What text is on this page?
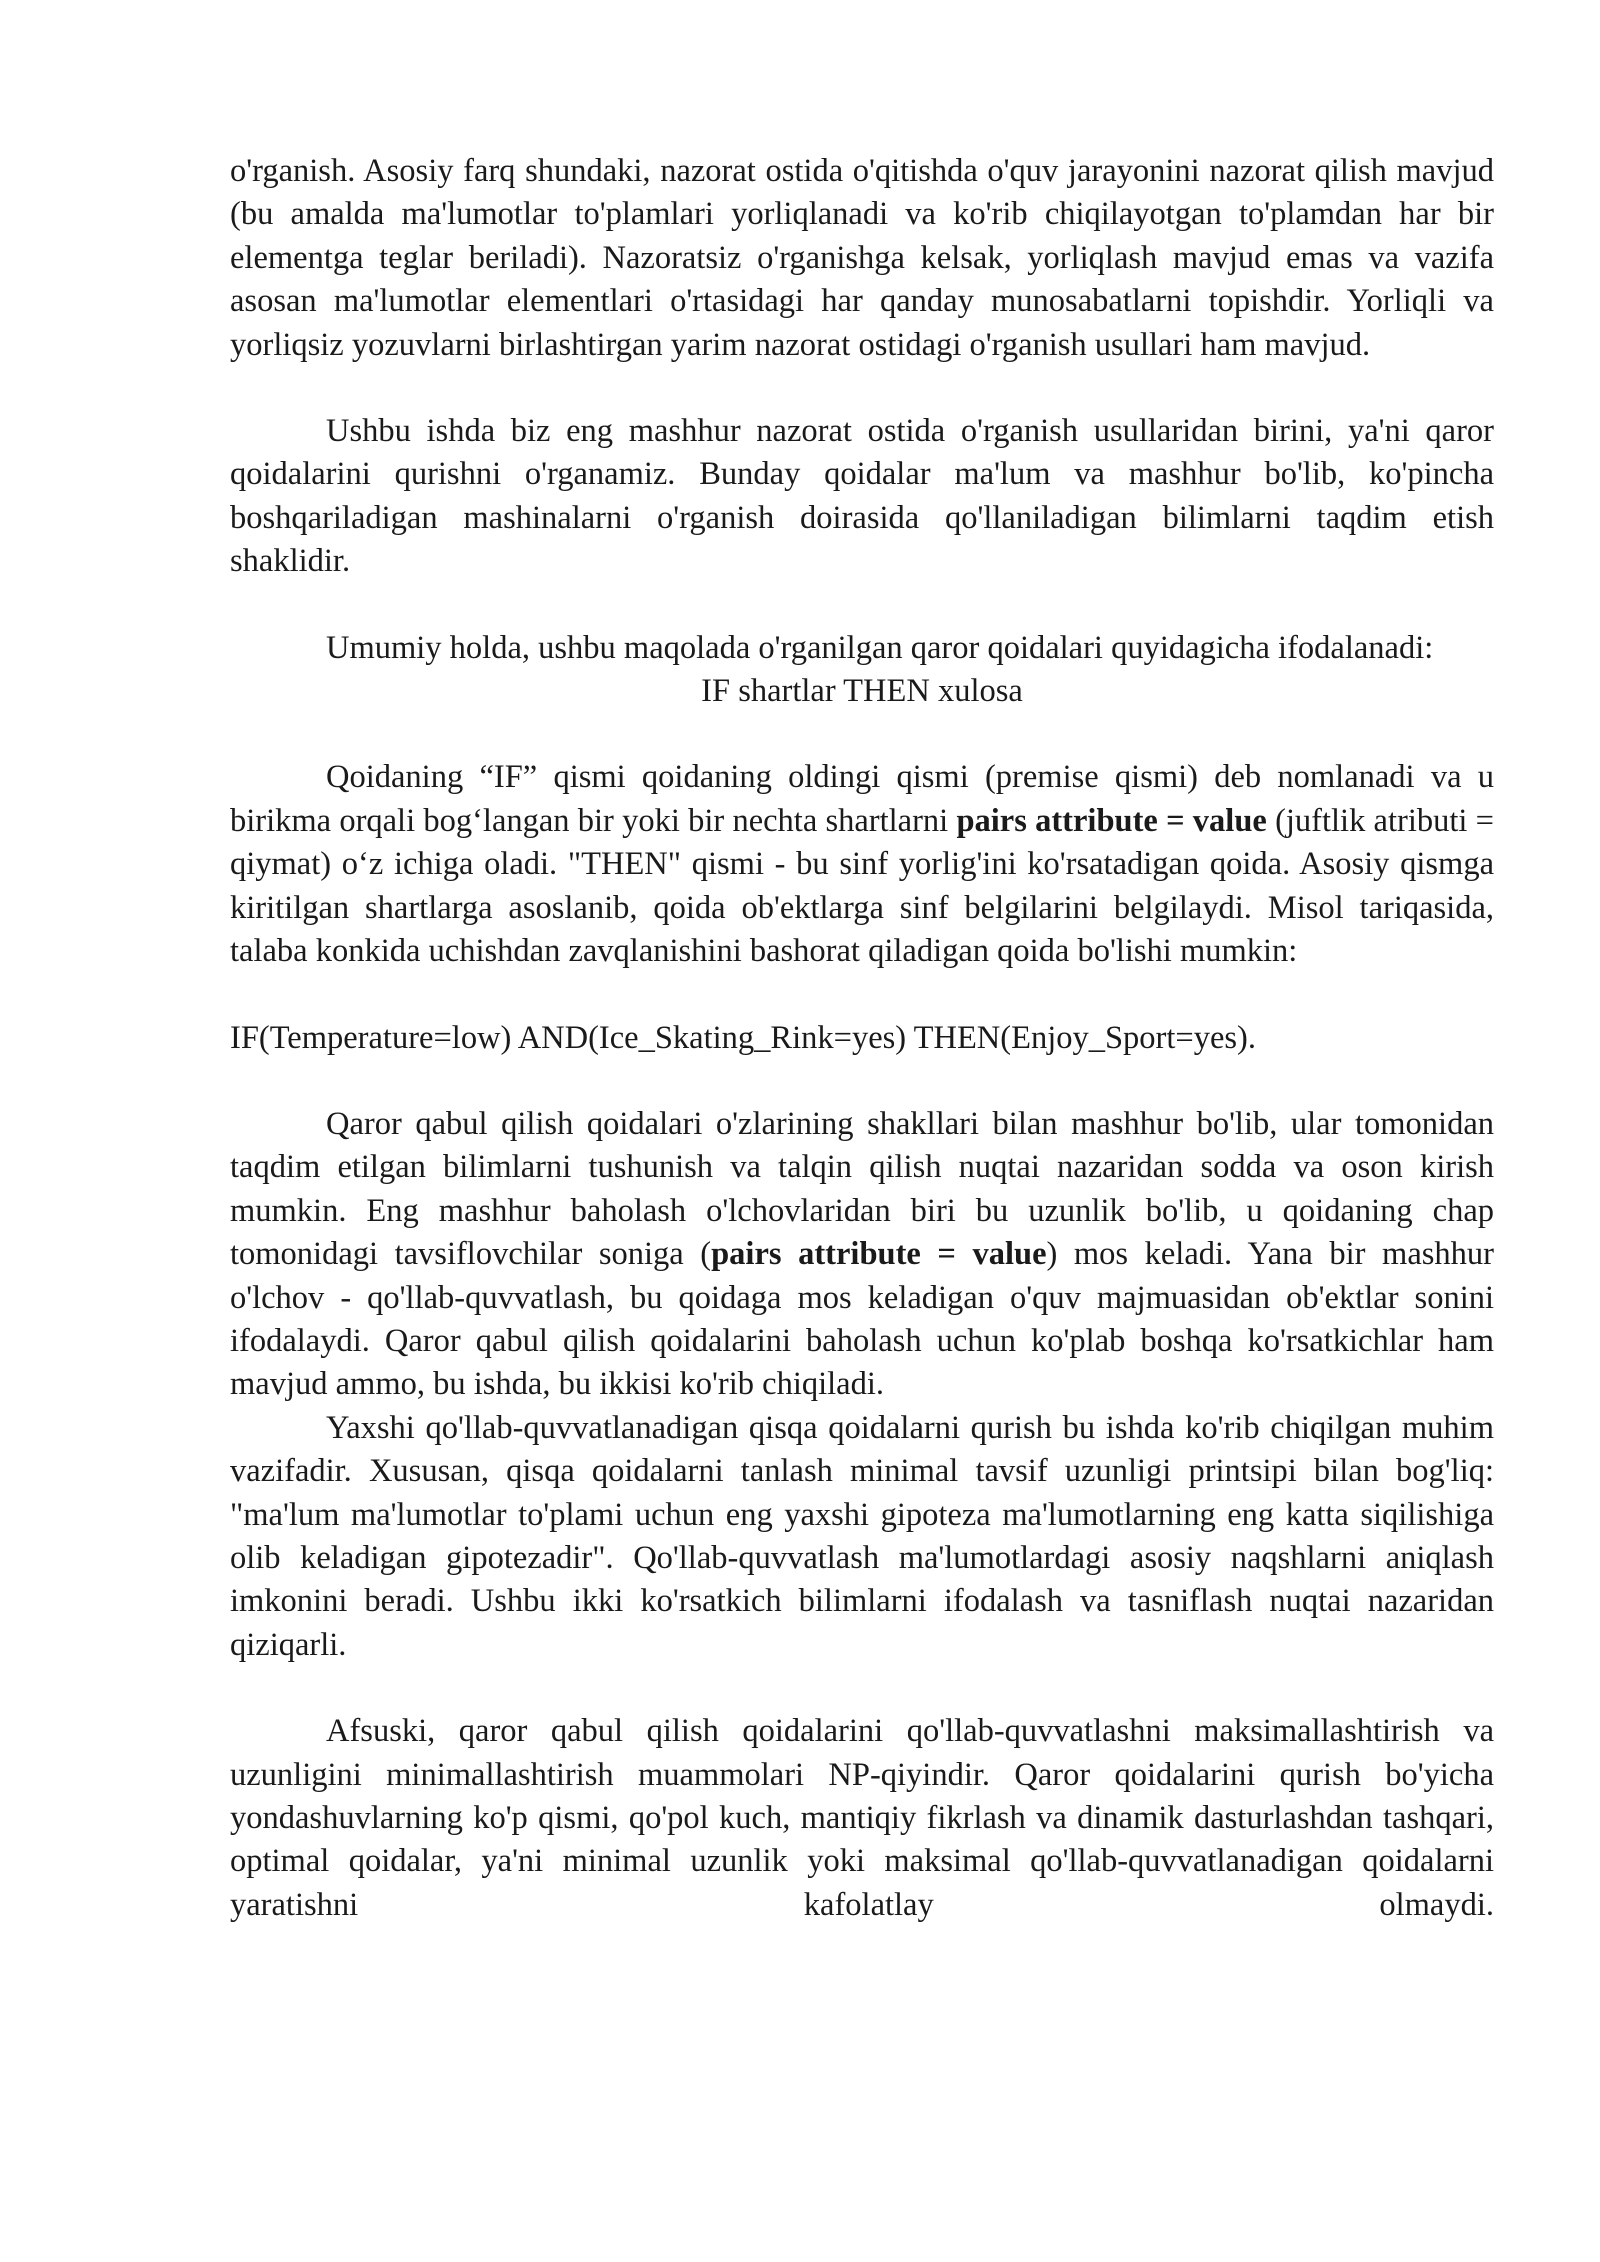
o'rganish. Asosiy farq shundaki, nazorat ostida o'qitishda o'quv jarayonini nazorat qilish mavjud (bu amalda ma'lumotlar to'plamlari yorliqlanadi va ko'rib chiqilayotgan to'plamdan har bir elementga teglar beriladi). Nazoratsiz o'rganishga kelsak, yorliqlash mavjud emas va vazifa asosan ma'lumotlar elementlari o'rtasidagi har qanday munosabatlarni topishdir. Yorliqli va yorliqsiz yozuvlarni birlashtirgan yarim nazorat ostidagi o'rganish usullari ham mavjud.

Ushbu ishda biz eng mashhur nazorat ostida o'rganish usullaridan birini, ya'ni qaror qoidalarini qurishni o'rganamiz. Bunday qoidalar ma'lum va mashhur bo'lib, ko'pincha boshqariladigan mashinalarni o'rganish doirasida qo'llaniladigan bilimlarni taqdim etish shaklidir.

Umumiy holda, ushbu maqolada o'rganilgan qaror qoidalari quyidagicha ifodalanadi:

IF shartlar THEN xulosa

Qoidaning “IF” qismi qoidaning oldingi qismi (premise qismi) deb nomlanadi va u birikma orqali bog‘langan bir yoki bir nechta shartlarni pairs attribute = value (juftlik atributi = qiymat) o‘z ichiga oladi. "THEN" qismi - bu sinf yorlig'ini ko'rsatadigan qoida. Asosiy qismga kiritilgan shartlarga asoslanib, qoida ob'ektlarga sinf belgilarini belgilaydi. Misol tariqasida, talaba konkida uchishdan zavqlanishini bashorat qiladigan qoida bo'lishi mumkin:

IF(Temperature=low) AND(Ice_Skating_Rink=yes) THEN(Enjoy_Sport=yes).

Qaror qabul qilish qoidalari o'zlarining shakllari bilan mashhur bo'lib, ular tomonidan taqdim etilgan bilimlarni tushunish va talqin qilish nuqtai nazaridan sodda va oson kirish mumkin. Eng mashhur baholash o'lchovlaridan biri bu uzunlik bo'lib, u qoidaning chap tomonidagi tavsiflovchilar soniga (pairs attribute = value) mos keladi. Yana bir mashhur o'lchov - qo'llab-quvvatlash, bu qoidaga mos keladigan o'quv majmuasidan ob'ektlar sonini ifodalaydi. Qaror qabul qilish qoidalarini baholash uchun ko'plab boshqa ko'rsatkichlar ham mavjud ammo, bu ishda, bu ikkisi ko'rib chiqiladi.

Yaxshi qo'llab-quvvatlanadigan qisqa qoidalarni qurish bu ishda ko'rib chiqilgan muhim vazifadir. Xususan, qisqa qoidalarni tanlash minimal tavsif uzunligi printsipi bilan bog'liq: "ma'lum ma'lumotlar to'plami uchun eng yaxshi gipoteza ma'lumotlarning eng katta siqilishiga olib keladigan gipotezadir". Qo'llab-quvvatlash ma'lumotlardagi asosiy naqshlarni aniqlash imkonini beradi. Ushbu ikki ko'rsatkich bilimlarni ifodalash va tasniflash nuqtai nazaridan qiziqarli.

Afsuski, qaror qabul qilish qoidalarini qo'llab-quvvatlashni maksimallashtirish va uzunligini minimallashtirish muammolari NP-qiyindir. Qaror qoidalarini qurish bo'yicha yondashuvlarning ko'p qismi, qo'pol kuch, mantiqiy fikrlash va dinamik dasturlashdan tashqari, optimal qoidalar, ya'ni minimal uzunlik yoki maksimal qo'llab-quvvatlanadigan qoidalarni yaratishni kafolatlay olmaydi.
